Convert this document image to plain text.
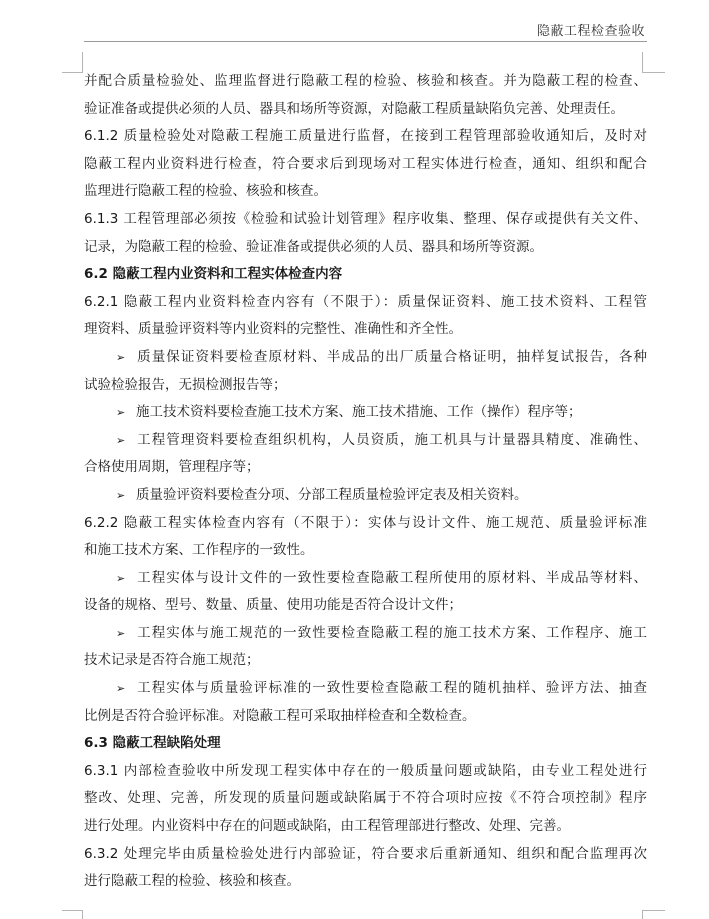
隐蔽工程检查验收
并配合质量检验处、监理监督进行隐蔽工程的检验、核验和核查。并为隐蔽工程的检查、
验证准备或提供必须的人员、器具和场所等资源，对隐蔽工程质量缺陷负完善、处理责任。
6.1.2 质量检验处对隐蔽工程施工质量进行监督，在接到工程管理部验收通知后，及时对
隐蔽工程内业资料进行检查，符合要求后到现场对工程实体进行检查，通知、组织和配合
监理进行隐蔽工程的检验、核验和核查。
6.1.3 工程管理部必须按《检验和试验计划管理》程序收集、整理、保存或提供有关文件、
记录，为隐蔽工程的检验、验证准备或提供必须的人员、器具和场所等资源。
6.2 隐蔽工程内业资料和工程实体检查内容
6.2.1 隐蔽工程内业资料检查内容有（不限于）：质量保证资料、施工技术资料、工程管
理资料、质量验评资料等内业资料的完整性、准确性和齐全性。
➢ 质量保证资料要检查原材料、半成品的出厂质量合格证明，抽样复试报告，各种
试验检验报告，无损检测报告等；
➢ 施工技术资料要检查施工技术方案、施工技术措施、工作（操作）程序等；
➢ 工程管理资料要检查组织机构，人员资质，施工机具与计量器具精度、准确性、
合格使用周期，管理程序等；
➢ 质量验评资料要检查分项、分部工程质量检验评定表及相关资料。
6.2.2 隐蔽工程实体检查内容有（不限于）：实体与设计文件、施工规范、质量验评标准
和施工技术方案、工作程序的一致性。
➢ 工程实体与设计文件的一致性要检查隐蔽工程所使用的原材料、半成品等材料、
设备的规格、型号、数量、质量、使用功能是否符合设计文件；
➢ 工程实体与施工规范的一致性要检查隐蔽工程的施工技术方案、工作程序、施工
技术记录是否符合施工规范；
➢ 工程实体与质量验评标准的一致性要检查隐蔽工程的随机抽样、验评方法、抽查
比例是否符合验评标准。对隐蔽工程可采取抽样检查和全数检查。
6.3 隐蔽工程缺陷处理
6.3.1 内部检查验收中所发现工程实体中存在的一般质量问题或缺陷，由专业工程处进行
整改、处理、完善，所发现的质量问题或缺陷属于不符合项时应按《不符合项控制》程序
进行处理。内业资料中存在的问题或缺陷，由工程管理部进行整改、处理、完善。
6.3.2 处理完毕由质量检验处进行内部验证，符合要求后重新通知、组织和配合监理再次
进行隐蔽工程的检验、核验和核查。
